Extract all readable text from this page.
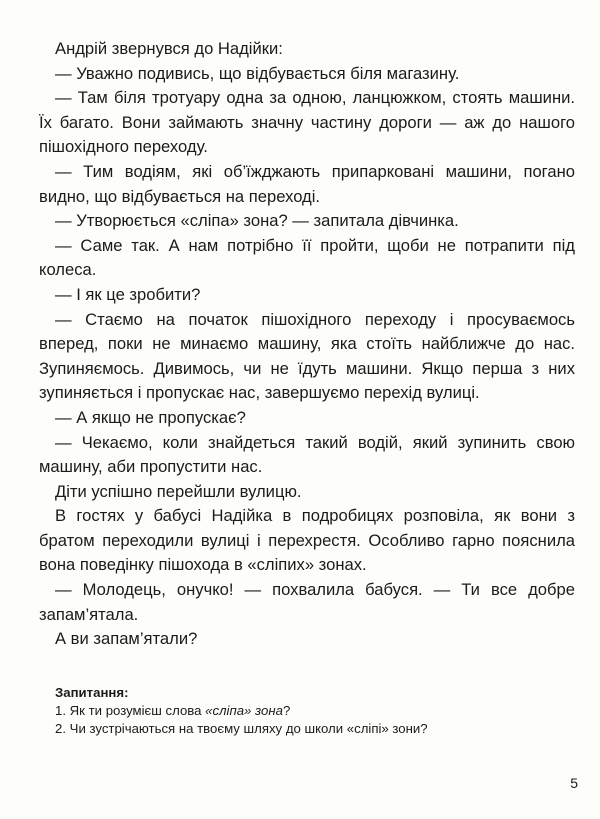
Андрій звернувся до Надійки:

— Уважно подивись, що відбувається біля магазину.

— Там біля тротуару одна за одною, ланцюжком, стоять машини. Їх багато. Вони займають значну частину дороги — аж до нашого пішохідного переходу.

— Тим водіям, які об’їжджають припарковані машини, погано видно, що відбувається на переході.

— Утворюється «сліпа» зона? — запитала дівчинка.

— Саме так. А нам потрібно її пройти, щоби не потрапити під колеса.

— І як це зробити?

— Стаємо на початок пішохідного переходу і просуваємось вперед, поки не минаємо машину, яка стоїть найближче до нас. Зупиняємось. Дивимось, чи не їдуть машини. Якщо перша з них зупиняється і пропускає нас, завершуємо перехід вулиці.

— А якщо не пропускає?

— Чекаємо, коли знайдеться такий водій, який зупинить свою машину, аби пропустити нас.

Діти успішно перейшли вулицю.

В гостях у бабусі Надійка в подробицях розповіла, як вони з братом переходили вулиці і перехрестя. Особливо гарно пояснила вона поведінку пішохода в «сліпих» зонах.

— Молодець, онучко! — похвалила бабуся. — Ти все добре запам’ятала.

А ви запам’ятали?

Запитання:

1. Як ти розумієш слова «сліпа» зона?

2. Чи зустрічаються на твоєму шляху до школи «сліпі» зони?

5
